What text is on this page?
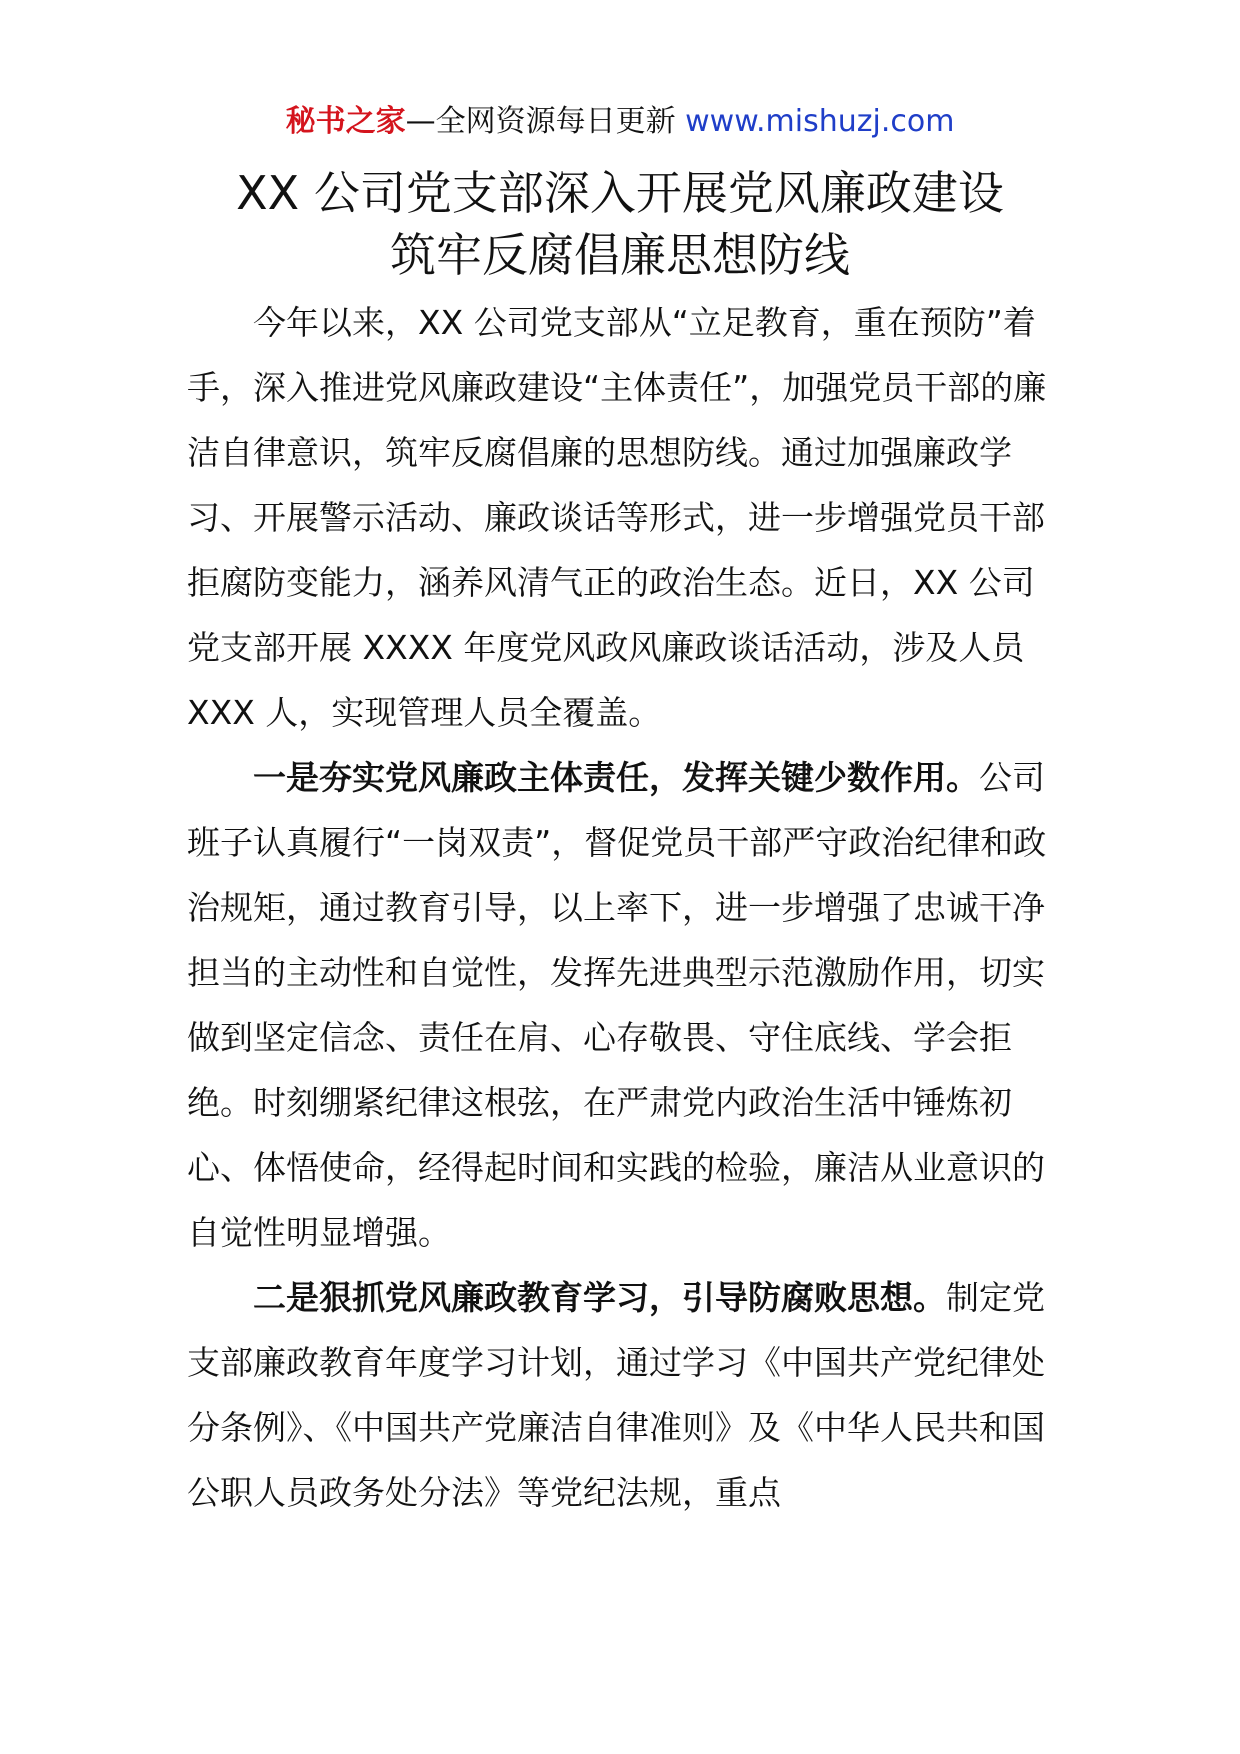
秘书之家—全网资源每日更新 www.mishuzj.com
XX 公司党支部深入开展党风廉政建设
筑牢反腐倡廉思想防线

今年以来，XX 公司党支部从“立足教育，重在预防”着手，深入推进党风廉政建设“主体责任”，加强党员干部的廉洁自律意识，筑牢反腐倡廉的思想防线。通过加强廉政学习、开展警示活动、廉政谈话等形式，进一步增强党员干部拒腐防变能力，涵养风清气正的政治生态。近日，XX 公司党支部开展 XXXX 年度党风政风廉政谈话活动，涉及人员 XXX 人，实现管理人员全覆盖。

一是夯实党风廉政主体责任，发挥关键少数作用。公司班子认真履行“一岗双责”，督促党员干部严守政治纪律和政治规矩，通过教育引导，以上率下，进一步增强了忠诚干净担当的主动性和自觉性，发挥先进典型示范激励作用，切实做到坚定信念、责任在肩、心存敬畏、守住底线、学会拒绝。时刻绷紧纪律这根弦，在严肃党内政治生活中锤炼初心、体悟使命，经得起时间和实践的检验，廉洁从业意识的自觉性明显增强。

二是狠抓党风廉政教育学习，引导防腐败思想。制定党支部廉政教育年度学习计划，通过学习《中国共产党纪律处分条例》、《中国共产党廉洁自律准则》及《中华人民共和国公职人员政务处分法》等党纪法规，重点
